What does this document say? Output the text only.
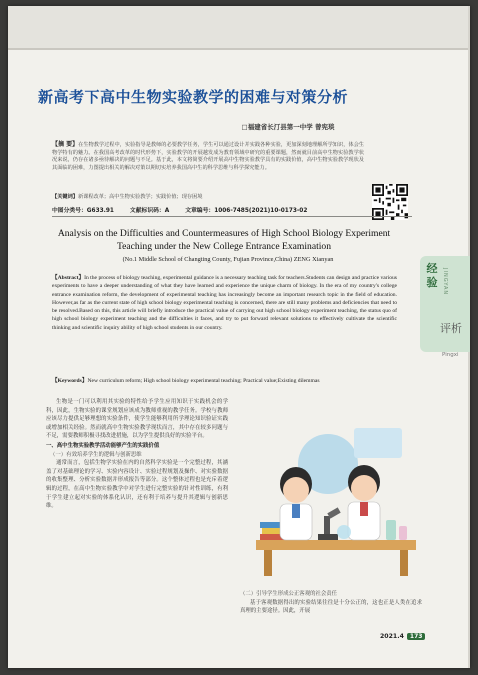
新高考下高中生物实验教学的困难与对策分析
□福建省长汀县第一中学 曾宪琰
【摘 要】在生物教学过程中，实验指导是教师的必要教学任务，学生可以通过设计并实践各种实验，更加深刻地理解所学知识，体会生物学特有的魅力。在我国高考改革的时代形势下，实验教学的开展越发成为教育领域中研究的重要课题，然而就目前高中生物实验教学状况来说，仍存在诸多亟待解决的问题与不足。基于此，本文将简要介绍开展高中生物实验教学具有的实践价值，高中生物实验教学现状及其面临的困难，力图提出相关的解决对策以期切实培养我国高中生的科学思维与科学探究能力。
【关键词】新课程改革；高中生物实验教学；实践价值；现存困境
中图分类号：G633.91	文献标识码：A	文章编号：1006-7485(2021)10-0173-02
Analysis on the Difficulties and Countermeasures of High School Biology Experiment Teaching under the New College Entrance Examination
(No.1 Middle School of Changting County, Fujian Province,China) ZENG Xianyan
【Abstract】In the process of biology teaching, experimental guidance is a necessary teaching task for teachers.Students can design and practice various experiments to have a deeper understanding of what they have learned and experience the unique charm of biology. In the era of my country's college entrance examination reform, the development of experimental teaching has increasingly become an important research topic in the field of education. However,as far as the current state of high school biology experimental teaching is concerned, there are still many problems and deficiencies that need to be resolved.Based on this, this article will briefly introduce the practical value of carrying out high school biology experiment teaching, the status quo of high school biology experiment teaching and the difficulties it faces, and try to put forward relevant solutions to effectively cultivate the scientific thinking and scientific inquiry ability of high school students in our country.
【Keywords】New curriculum reform; High school biology experimental teaching; Practical value;Existing dilemmas
经验 JINGYAN
评析
Pingxi

生物是一门可以利用其实验的特性给予学生应用知识于实践机会的学科，因此，生物实验的课堂规划应该成为教师重视的教学任务。学校与教师应该尽力提供足够理想的实验条件，使学生能够利用所学理论知识验证实践或增加相关经验。然而就高中生物实验教学现状而言，其中存在较多问题与不足，需要教师积极寻找改进措施，以为学生提供良好的实验平台。

一、高中生物实验教学活动能够产生的实践价值
（一）有效培养学生的逻辑与创新思维

通常而言，包括生物学实验在内的自然科学实验是一个完整过程，其涵盖了对基础理论的学习、实验内容设计、实验过程规划及操作、对实验数据的收集整理、分析实验数据并形成报告等部分。这个整体过程也是充斥着逻辑的过程，在高中生物实验教学中对学生进行完整实验的针对性训练，有利于学生建立起对实验的体系化认识，还有利于培养与提升其逻辑与创新思维。

（二）引导学生形成公正客观的社会责任

基于客观数据得出的实验结果往往是十分公正的，这也正是人类在追求真理的主要途径。因此，开展

2021.4	173
